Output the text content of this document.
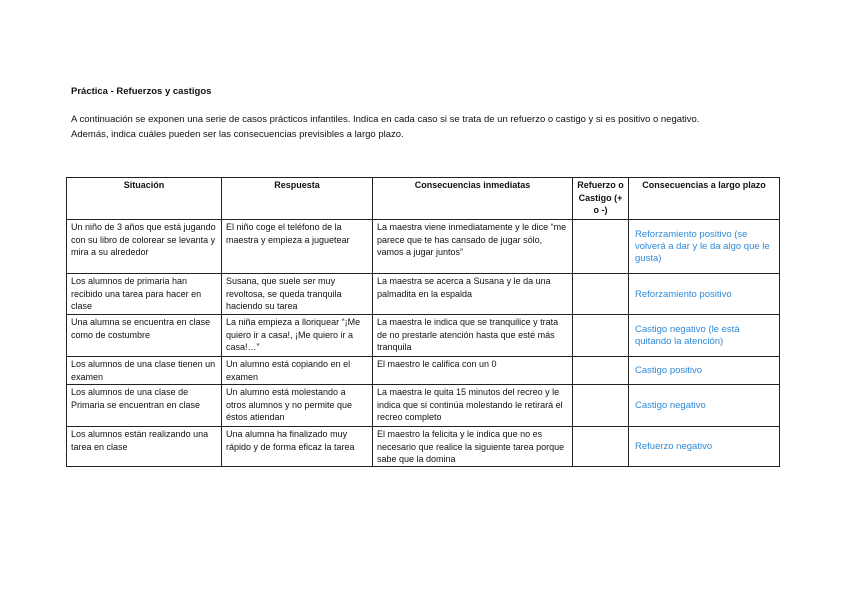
Práctica - Refuerzos y castigos
A continuación se exponen una serie de casos prácticos infantiles. Indica en cada caso si se trata de un refuerzo o castigo y si es positivo o negativo. Además, indica cuáles pueden ser las consecuencias previsibles a largo plazo.
Situación	Respuesta	Consecuencias inmediatas	Refuerzo o Castigo (+ o -)	Consecuencias a largo plazo
Un niño de 3 años que está jugando con su libro de colorear se levanta y mira a su alrededor	El niño coge el teléfono de la maestra y empieza a juguetear	La maestra viene inmediatamente y le dice “me parece que te has cansado de jugar sólo, vamos a jugar juntos”		Reforzamiento positivo (se volverá a dar y le da algo que le gusta)
Los alumnos de primaria han recibido una tarea para hacer en clase	Susana, que suele ser muy revoltosa, se queda tranquila haciendo su tarea	La maestra se acerca a Susana y le da una palmadita en la espalda		Reforzamiento positivo
Una alumna se encuentra en clase como de costumbre	La niña empieza a lloriquear “¡Me quiero ir a casa!, ¡Me quiero ir a casa!…”	La maestra le indica que se tranquilice y trata de no prestarle atención hasta que esté más tranquila		Castigo negativo (le está quitando la atención)
Los alumnos de una clase tienen un examen	Un alumno está copiando en el examen	El maestro le califica con un 0		Castigo positivo
Los alumnos de una clase de Primaria se encuentran en clase	Un alumno está molestando a otros alumnos y no permite que éstos atiendan	La maestra le quita 15 minutos del recreo y le indica que si continúa molestando le retirará el recreo completo		Castigo negativo
Los alumnos están realizando una tarea en clase	Una alumna ha finalizado muy rápido y de forma eficaz la tarea	El maestro la felicita y le indica que no es necesario que realice la siguiente tarea porque sabe que la domina		Refuerzo negativo
